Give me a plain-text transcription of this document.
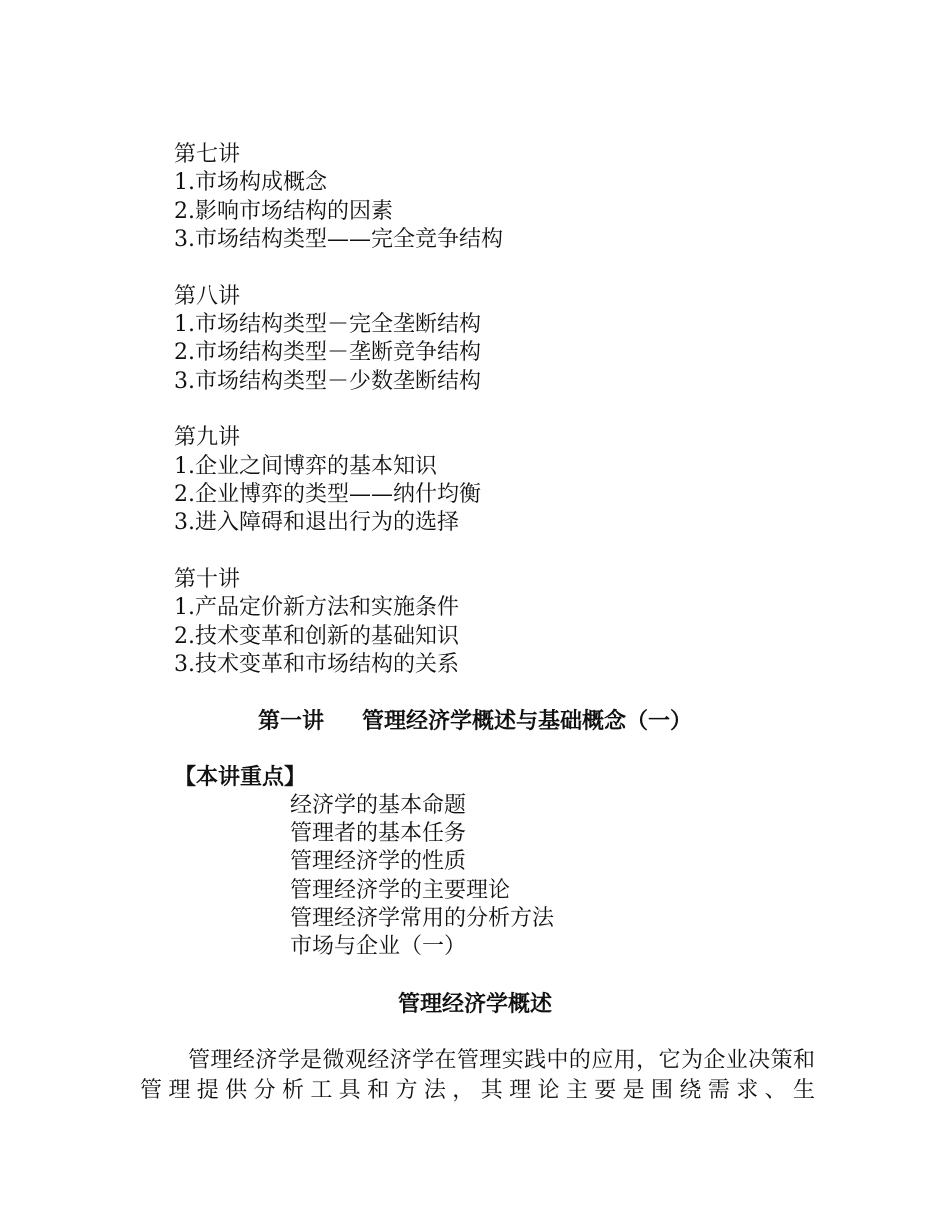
第七讲
1.市场构成概念
2.影响市场结构的因素
3.市场结构类型——完全竞争结构
第八讲
1.市场结构类型－完全垄断结构
2.市场结构类型－垄断竞争结构
3.市场结构类型－少数垄断结构
第九讲
1.企业之间博弈的基本知识
2.企业博弈的类型——纳什均衡
3.进入障碍和退出行为的选择
第十讲
1.产品定价新方法和实施条件
2.技术变革和创新的基础知识
3.技术变革和市场结构的关系
第一讲 管理经济学概述与基础概念（一）
【本讲重点】
经济学的基本命题
管理者的基本任务
管理经济学的性质
管理经济学的主要理论
管理经济学常用的分析方法
市场与企业（一）
管理经济学概述
管理经济学是微观经济学在管理实践中的应用，它为企业决策和管理提供分析工具和方法，其理论主要是围绕需求、生
